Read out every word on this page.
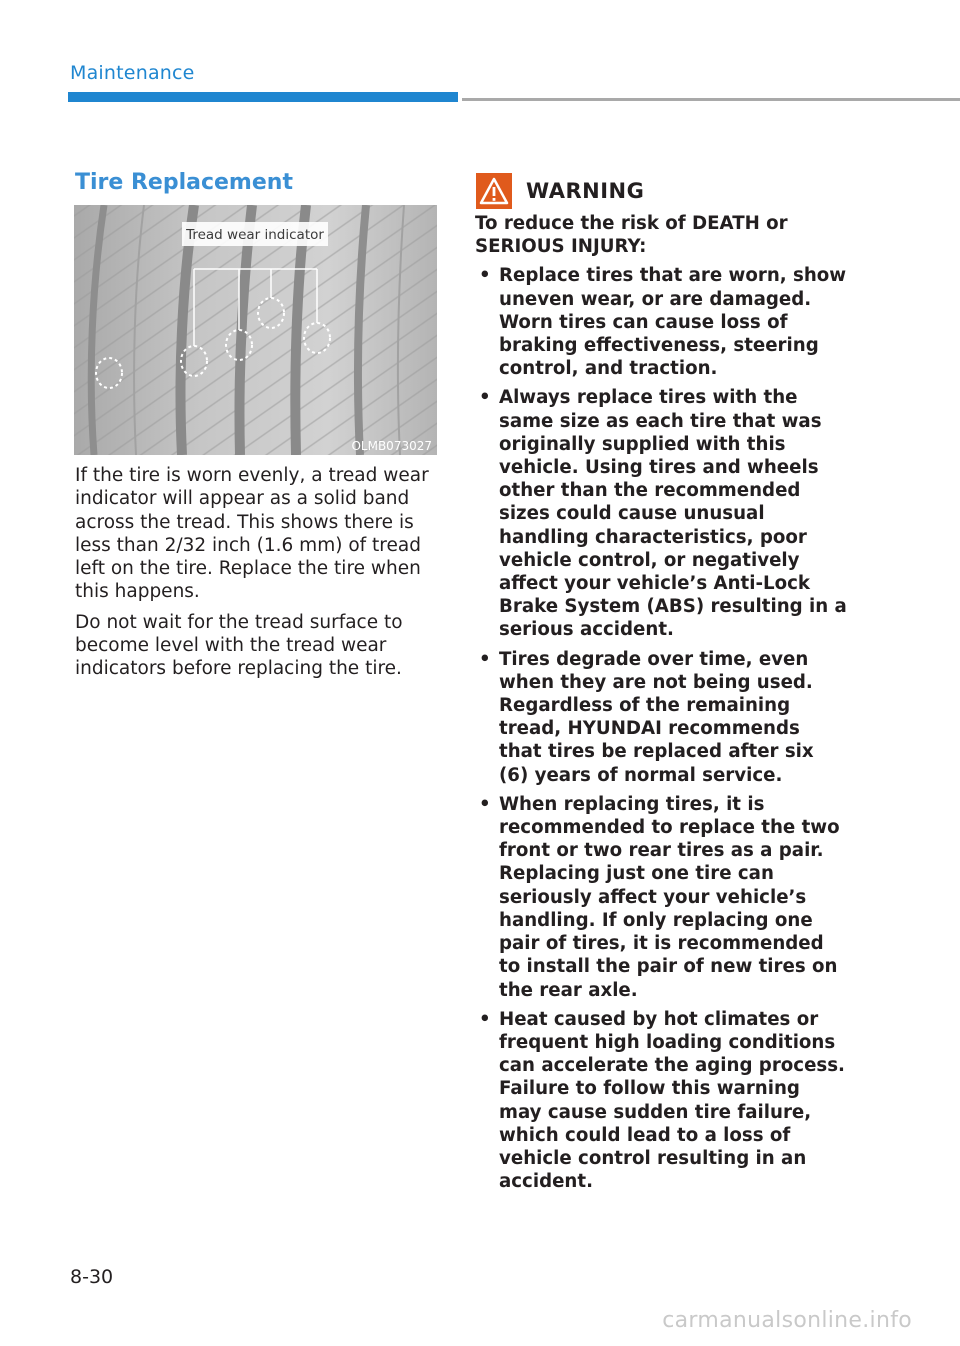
Maintenance
Tire Replacement
Tread wear indicator
OLMB073027

If the tire is worn evenly, a tread wear indicator will appear as a solid band across the tread. This shows there is less than 2/32 inch (1.6 mm) of tread left on the tire. Replace the tire when this happens.

Do not wait for the tread surface to become level with the tread wear indicators before replacing the tire.

WARNING

To reduce the risk of DEATH or SERIOUS INJURY:

• Replace tires that are worn, show uneven wear, or are damaged. Worn tires can cause loss of braking effectiveness, steering control, and traction.
• Always replace tires with the same size as each tire that was originally supplied with this vehicle. Using tires and wheels other than the recommended sizes could cause unusual handling characteristics, poor vehicle control, or negatively affect your vehicle’s Anti-Lock Brake System (ABS) resulting in a serious accident.
• Tires degrade over time, even when they are not being used. Regardless of the remaining tread, HYUNDAI recommends that tires be replaced after six (6) years of normal service.
• When replacing tires, it is recommended to replace the two front or two rear tires as a pair. Replacing just one tire can seriously affect your vehicle’s handling. If only replacing one pair of tires, it is recommended to install the pair of new tires on the rear axle.
• Heat caused by hot climates or frequent high loading conditions can accelerate the aging process. Failure to follow this warning may cause sudden tire failure, which could lead to a loss of vehicle control resulting in an accident.
8-30
carmanualsonline.info
